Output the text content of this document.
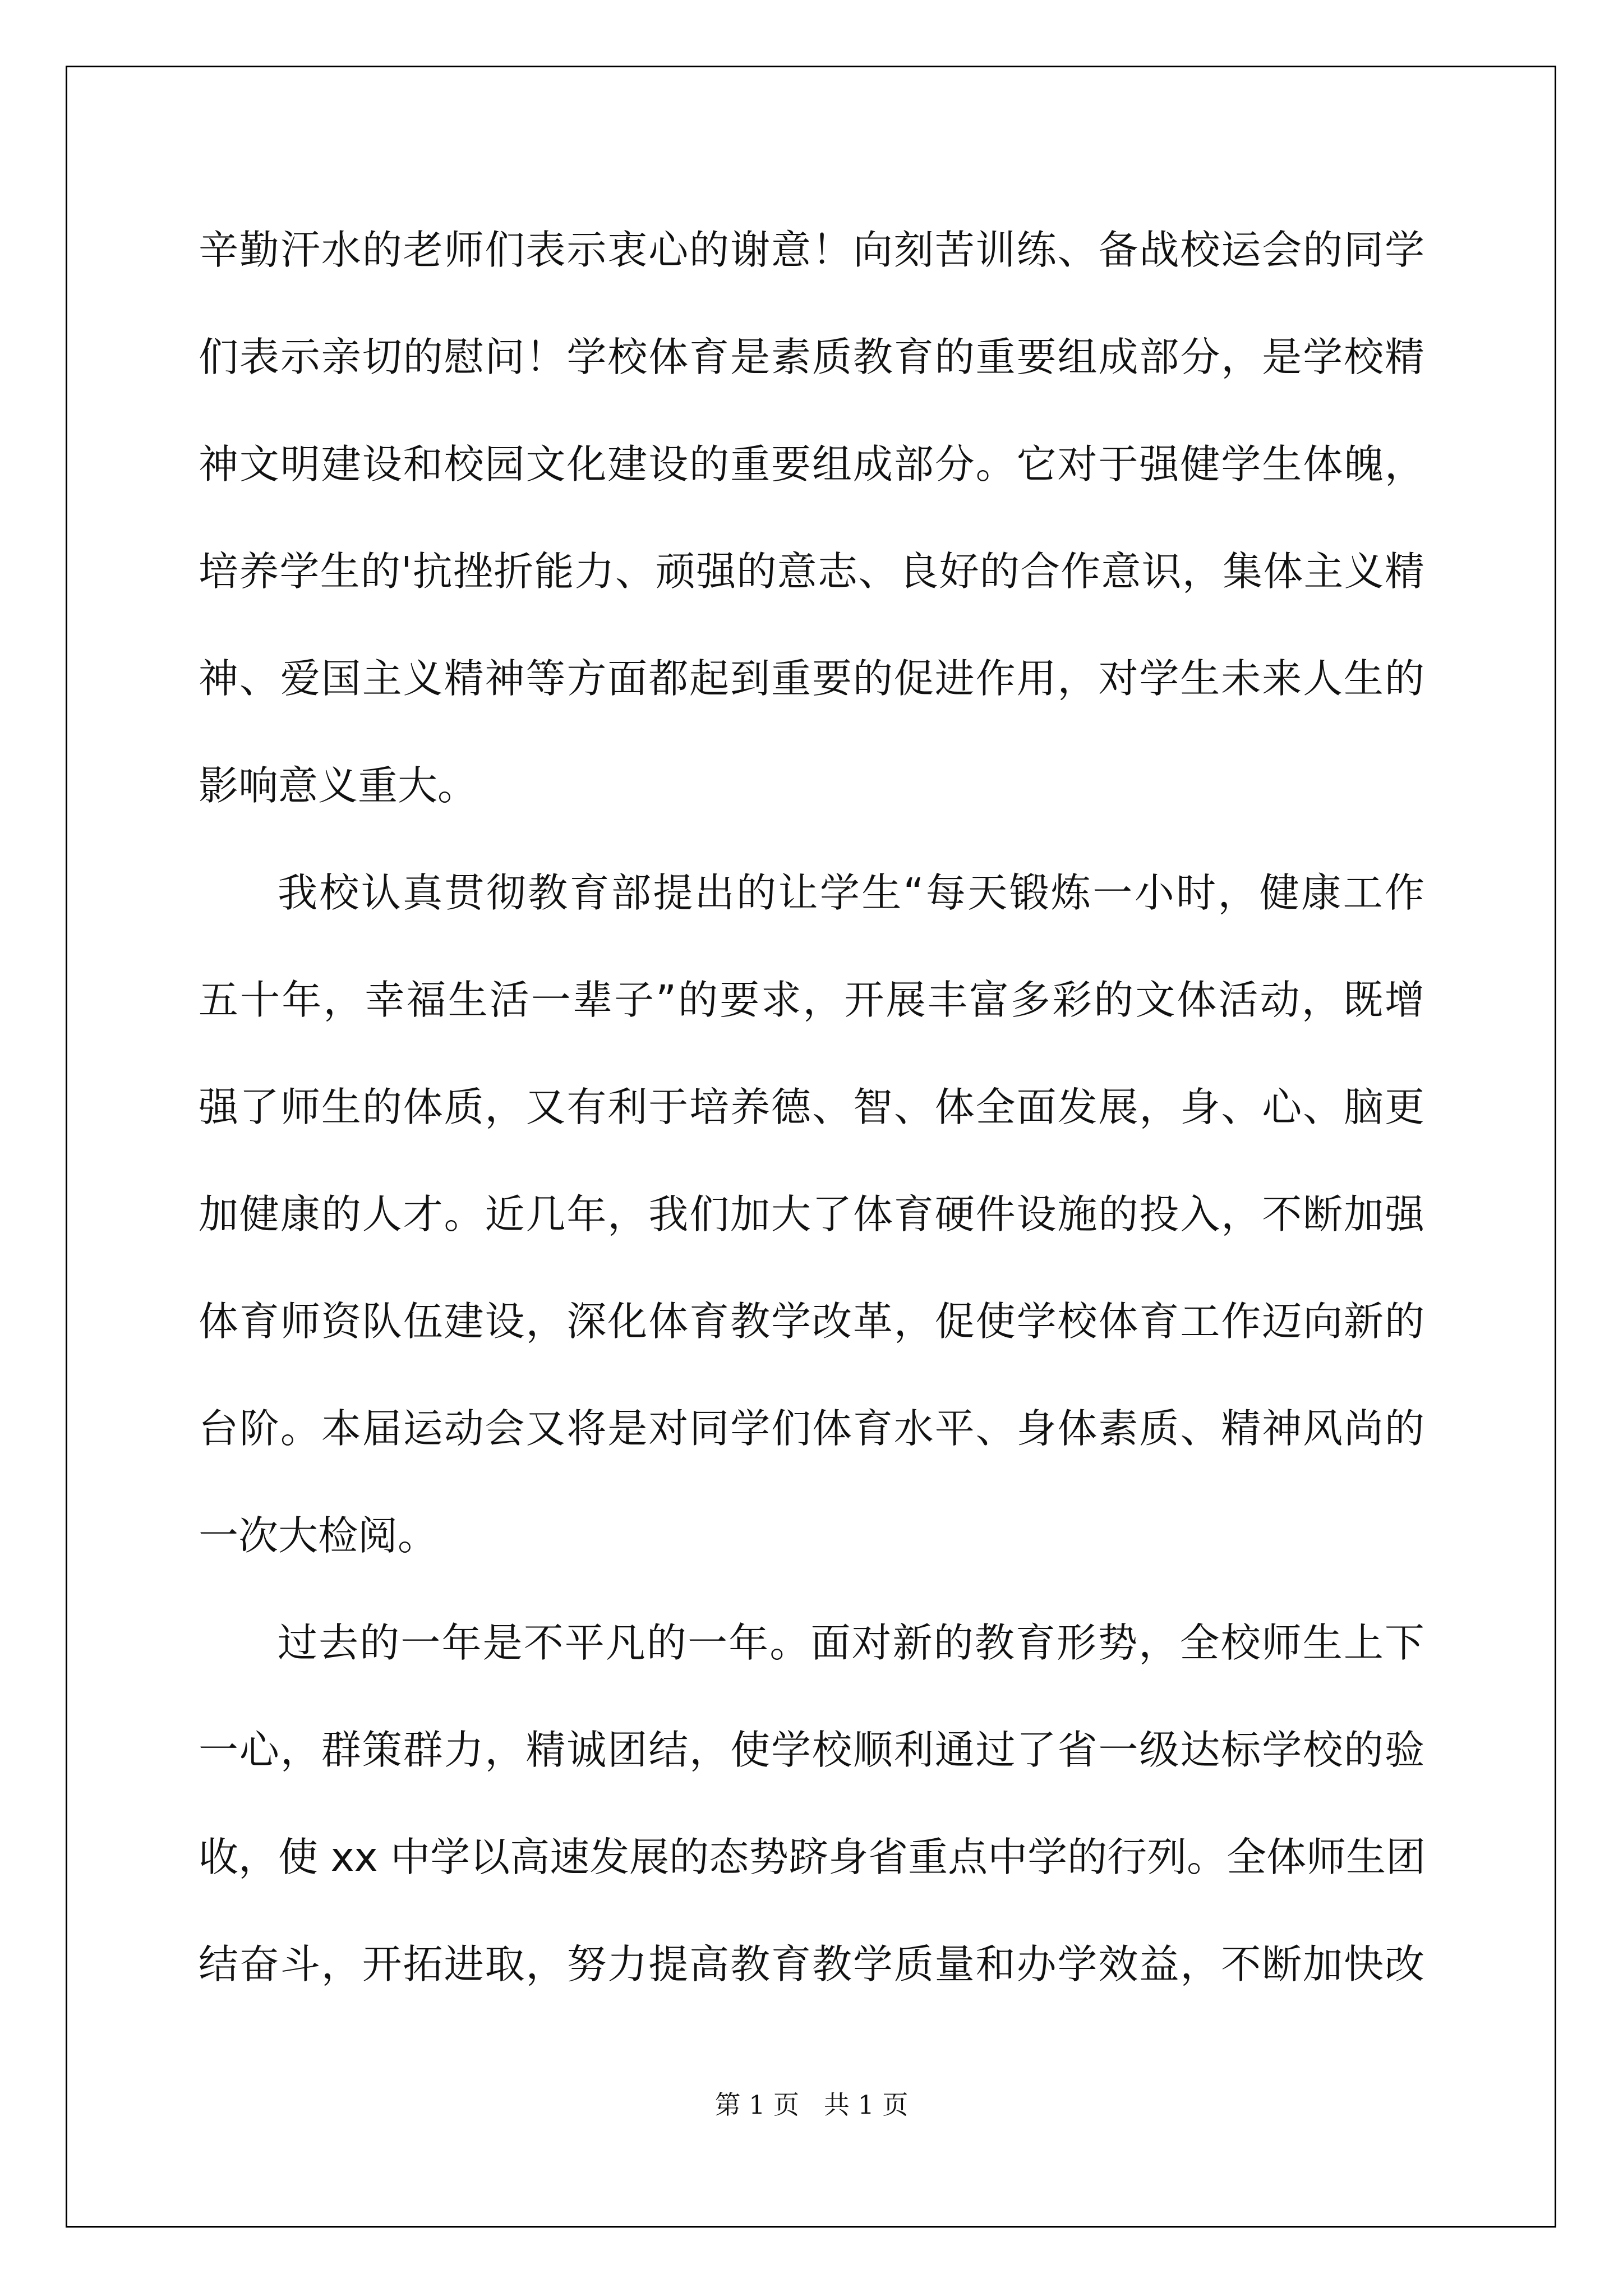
辛勤汗水的老师们表示衷心的谢意！向刻苦训练、备战校运会的同学

们表示亲切的慰问！学校体育是素质教育的重要组成部分，是学校精

神文明建设和校园文化建设的重要组成部分。它对于强健学生体魄，

培养学生的'抗挫折能力、顽强的意志、良好的合作意识，集体主义精

神、爱国主义精神等方面都起到重要的促进作用，对学生未来人生的

影响意义重大。

我校认真贯彻教育部提出的让学生“每天锻炼一小时，健康工作

五十年，幸福生活一辈子”的要求，开展丰富多彩的文体活动，既增

强了师生的体质，又有利于培养德、智、体全面发展，身、心、脑更

加健康的人才。近几年，我们加大了体育硬件设施的投入，不断加强

体育师资队伍建设，深化体育教学改革，促使学校体育工作迈向新的

台阶。本届运动会又将是对同学们体育水平、身体素质、精神风尚的

一次大检阅。

过去的一年是不平凡的一年。面对新的教育形势，全校师生上下

一心，群策群力，精诚团结，使学校顺利通过了省一级达标学校的验

收，使 xx 中学以高速发展的态势跻身省重点中学的行列。全体师生团

结奋斗，开拓进取，努力提高教育教学质量和办学效益，不断加快改

第 1 页   共 1 页
